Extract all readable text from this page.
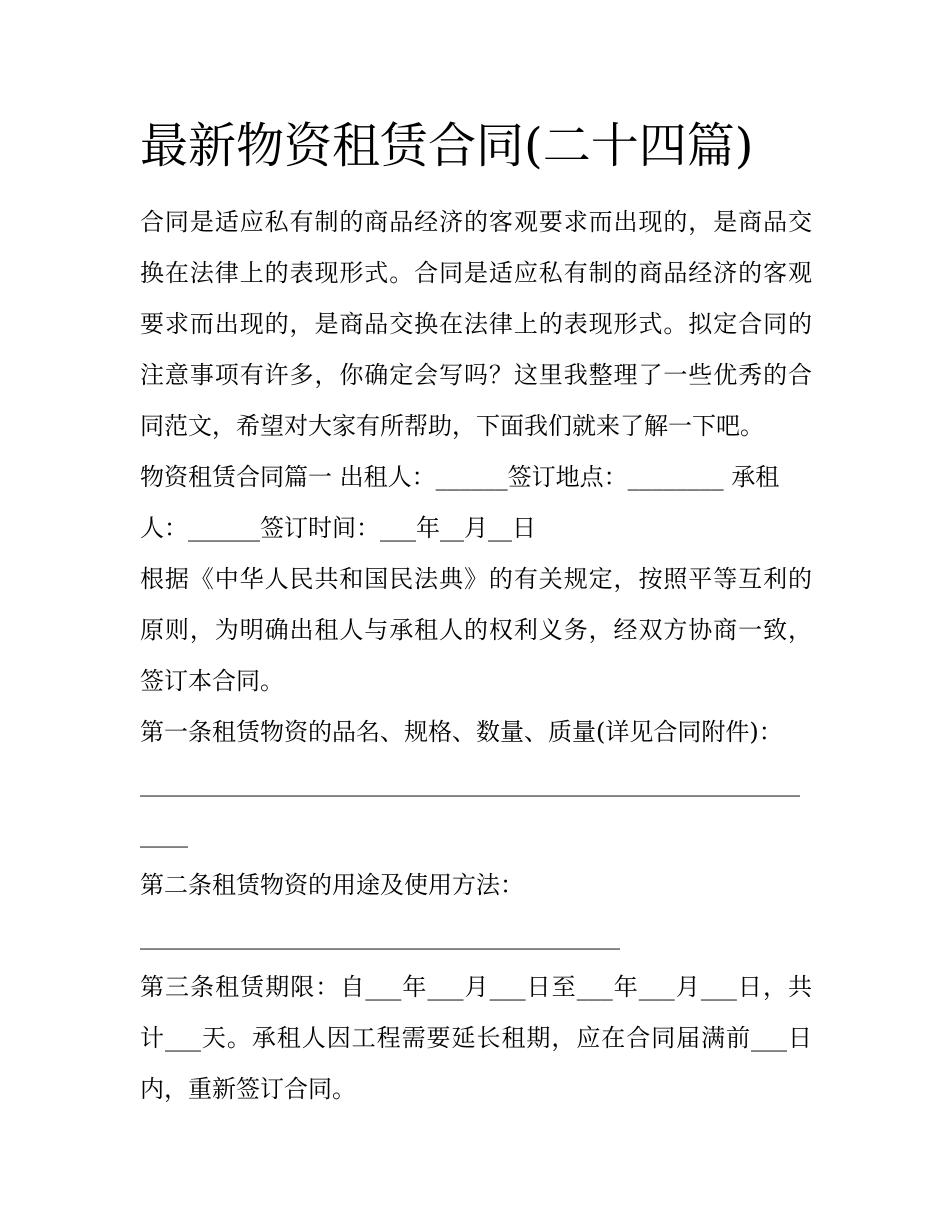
最新物资租赁合同(二十四篇)
合同是适应私有制的商品经济的客观要求而出现的，是商品交
换在法律上的表现形式。合同是适应私有制的商品经济的客观
要求而出现的，是商品交换在法律上的表现形式。拟定合同的
注意事项有许多，你确定会写吗？这里我整理了一些优秀的合
同范文，希望对大家有所帮助，下面我们就来了解一下吧。
物资租赁合同篇一 出租人：______签订地点：________ 承租
人：______签订时间：___年__月__日
根据《中华人民共和国民法典》的有关规定，按照平等互利的
原则，为明确出租人与承租人的权利义务，经双方协商一致，
签订本合同。
第一条租赁物资的品名、规格、数量、质量(详见合同附件)：
_______________________________________________________
____
第二条租赁物资的用途及使用方法：
________________________________________
第三条租赁期限：自___年___月___日至___年___月___日，共
计___天。承租人因工程需要延长租期，应在合同届满前___日
内，重新签订合同。
